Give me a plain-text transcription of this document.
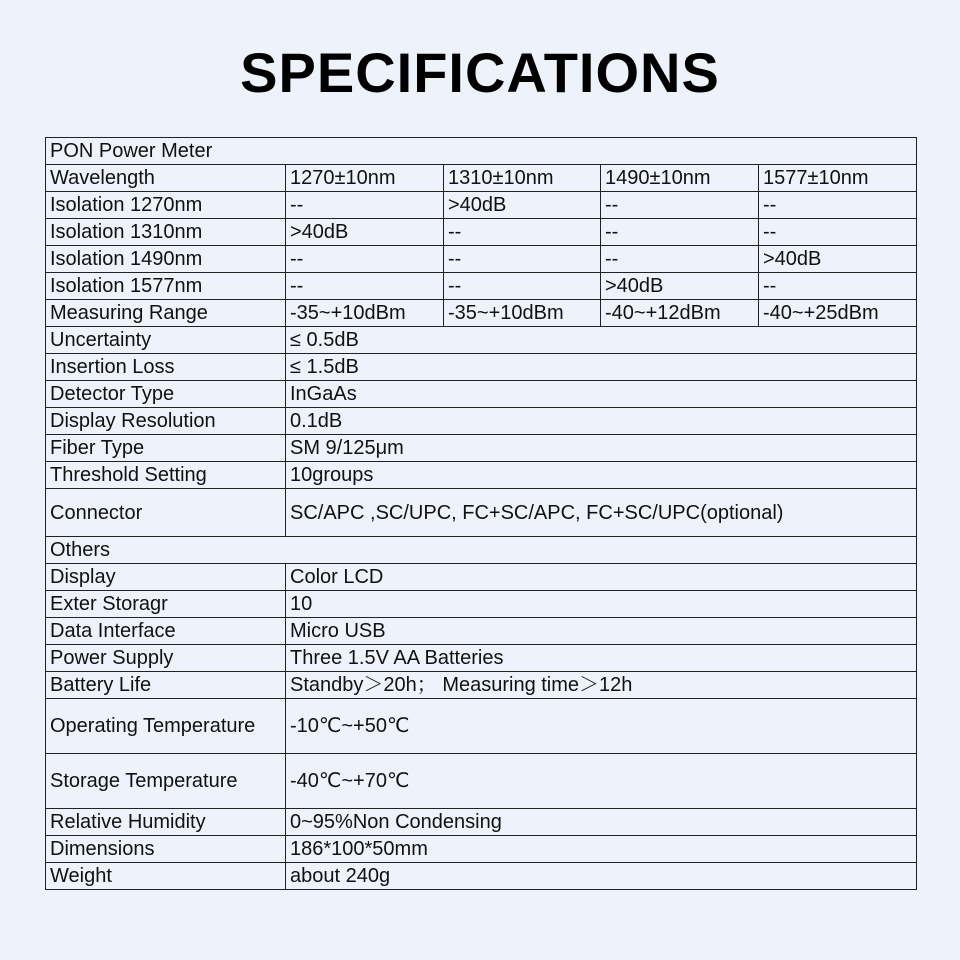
SPECIFICATIONS
PON Power Meter				
Wavelength	1270±10nm	1310±10nm	1490±10nm	1577±10nm
Isolation 1270nm	--	>40dB	--	--
Isolation 1310nm	>40dB	--	--	--
Isolation 1490nm	--	--	--	>40dB
Isolation 1577nm	--	--	>40dB	--
Measuring Range	-35~+10dBm	-35~+10dBm	-40~+12dBm	-40~+25dBm
Uncertainty	≤ 0.5dB			
Insertion Loss	≤ 1.5dB			
Detector Type	InGaAs			
Display Resolution	0.1dB			
Fiber Type	SM 9/125μm			
Threshold Setting	10groups			
Connector	SC/APC ,SC/UPC, FC+SC/APC, FC+SC/UPC(optional)			
Others				
Display	Color LCD			
Exter Storagr	10			
Data Interface	Micro USB			
Power Supply	Three 1.5V AA Batteries			
Battery Life	Standby＞20h； Measuring time＞12h			
Operating Temperature	-10℃~+50℃			
Storage Temperature	-40℃~+70℃			
Relative Humidity	0~95%Non Condensing			
Dimensions	186*100*50mm			
Weight	about 240g			
